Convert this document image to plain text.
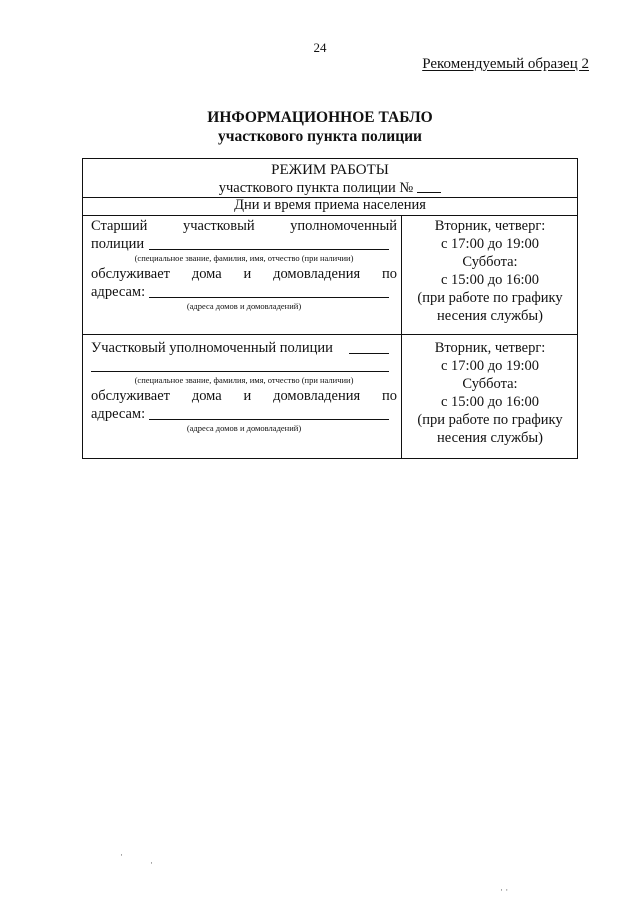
24
Рекомендуемый образец 2
ИНФОРМАЦИОННОЕ ТАБЛО
участкового пункта полиции
РЕЖИМ РАБОТЫ
участкового пункта полиции №
Дни и время приема населения
Старший участковый уполномоченный
полиции
(специальное звание, фамилия, имя, отчество (при наличии)
обслуживает дома и домовладения по
адресам:
(адреса домов и домовладений)
Вторник, четверг:
с 17:00 до 19:00
Суббота:
с 15:00 до 16:00
(при работе по графику
несения службы)
Участковый уполномоченный полиции
(специальное звание, фамилия, имя, отчество (при наличии)
обслуживает дома и домовладения по
адресам:
(адреса домов и домовладений)
Вторник, четверг:
с 17:00 до 19:00
Суббота:
с 15:00 до 16:00
(при работе по графику
несения службы)
·
·
· ·
